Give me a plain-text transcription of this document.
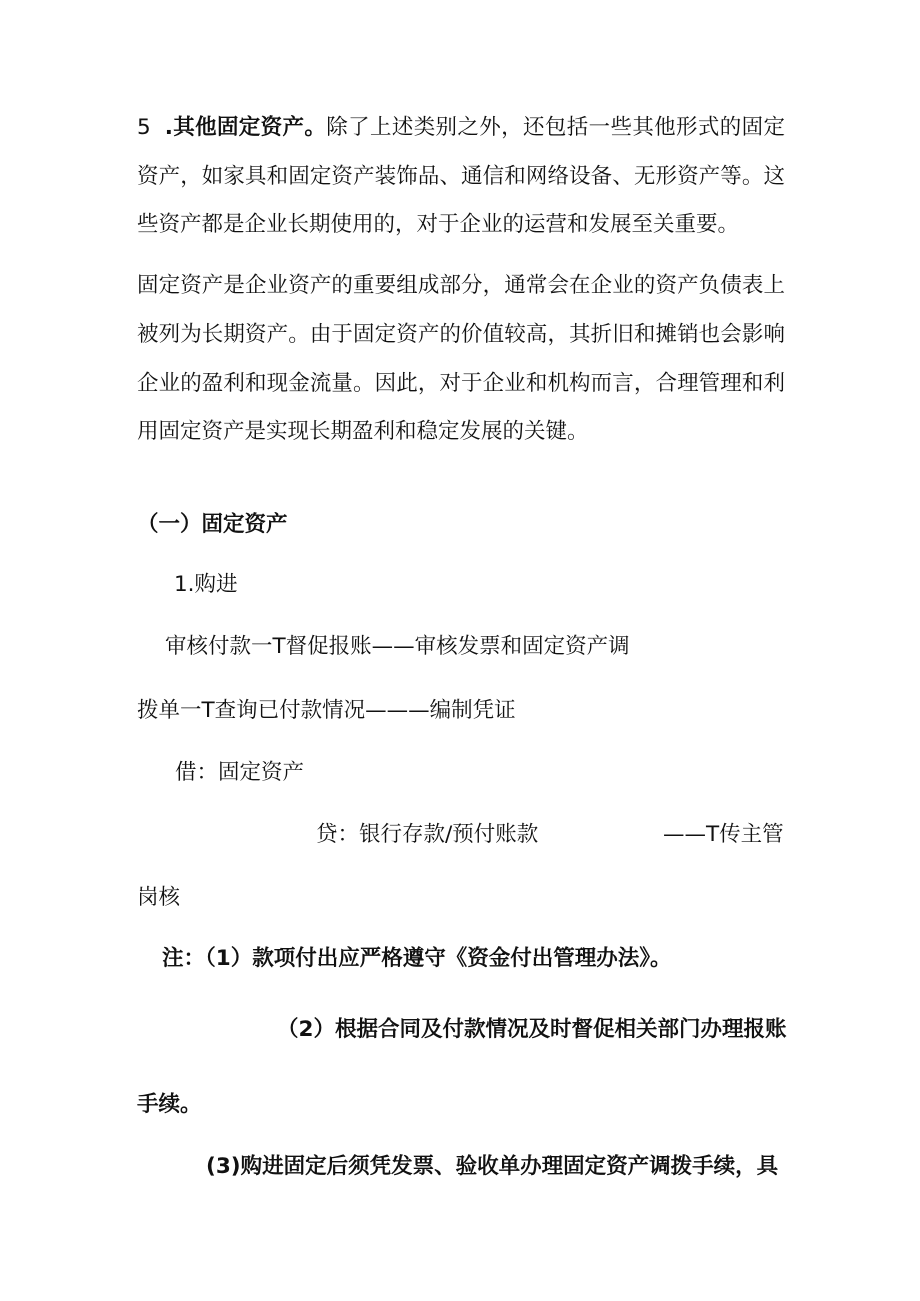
5 .其他固定资产。除了上述类别之外，还包括一些其他形式的固定
资产，如家具和固定资产装饰品、通信和网络设备、无形资产等。这
些资产都是企业长期使用的，对于企业的运营和发展至关重要。
固定资产是企业资产的重要组成部分，通常会在企业的资产负债表上
被列为长期资产。由于固定资产的价值较高，其折旧和摊销也会影响
企业的盈利和现金流量。因此，对于企业和机构而言，合理管理和利
用固定资产是实现长期盈利和稳定发展的关键。
（一）固定资产
1.购进
审核付款一T督促报账——审核发票和固定资产调
拨单一T查询已付款情况———编制凭证
借：固定资产
贷：银行存款/预付账款	——T传主管
岗核
注：（1）款项付出应严格遵守《资金付出管理办法》。
（2）根据合同及付款情况及时督促相关部门办理报账
手续。
(3)购进固定后须凭发票、验收单办理固定资产调拨手续，具
